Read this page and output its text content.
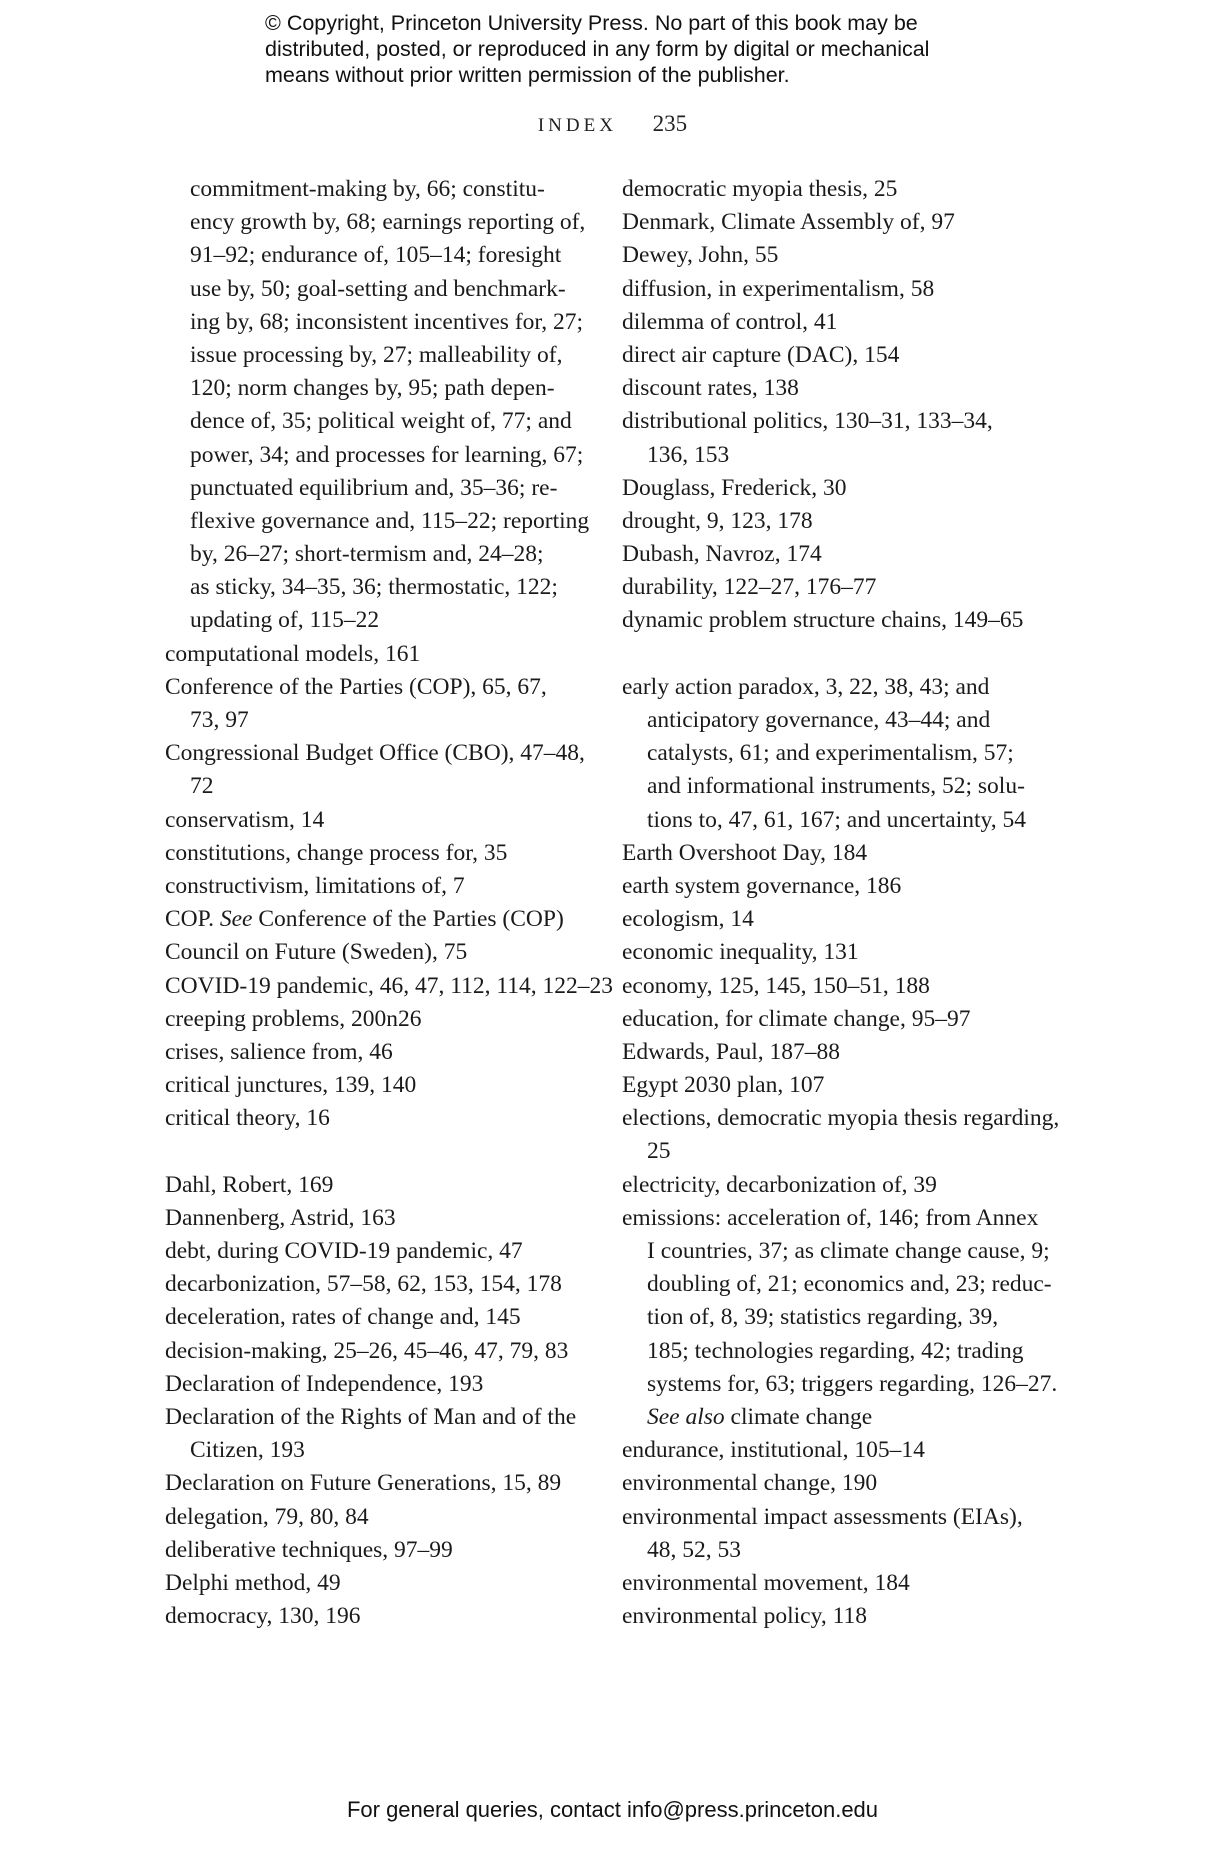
© Copyright, Princeton University Press. No part of this book may be
distributed, posted, or reproduced in any form by digital or mechanical
means without prior written permission of the publisher.
INDEX 235
commitment-making by, 66; constitu-
ency growth by, 68; earnings reporting of,
91–92; endurance of, 105–14; foresight
use by, 50; goal-setting and benchmark-
ing by, 68; inconsistent incentives for, 27;
issue processing by, 27; malleability of,
120; norm changes by, 95; path depen-
dence of, 35; political weight of, 77; and
power, 34; and processes for learning, 67;
punctuated equilibrium and, 35–36; re-
flexive governance and, 115–22; reporting
by, 26–27; short-termism and, 24–28;
as sticky, 34–35, 36; thermostatic, 122;
updating of, 115–22
computational models, 161
Conference of the Parties (COP), 65, 67,
73, 97
Congressional Budget Office (CBO), 47–48,
72
conservatism, 14
constitutions, change process for, 35
constructivism, limitations of, 7
COP. See Conference of the Parties (COP)
Council on Future (Sweden), 75
COVID-19 pandemic, 46, 47, 112, 114, 122–23
creeping problems, 200n26
crises, salience from, 46
critical junctures, 139, 140
critical theory, 16
Dahl, Robert, 169
Dannenberg, Astrid, 163
debt, during COVID-19 pandemic, 47
decarbonization, 57–58, 62, 153, 154, 178
deceleration, rates of change and, 145
decision-making, 25–26, 45–46, 47, 79, 83
Declaration of Independence, 193
Declaration of the Rights of Man and of the
Citizen, 193
Declaration on Future Generations, 15, 89
delegation, 79, 80, 84
deliberative techniques, 97–99
Delphi method, 49
democracy, 130, 196
democratic myopia thesis, 25
Denmark, Climate Assembly of, 97
Dewey, John, 55
diffusion, in experimentalism, 58
dilemma of control, 41
direct air capture (DAC), 154
discount rates, 138
distributional politics, 130–31, 133–34,
136, 153
Douglass, Frederick, 30
drought, 9, 123, 178
Dubash, Navroz, 174
durability, 122–27, 176–77
dynamic problem structure chains, 149–65
early action paradox, 3, 22, 38, 43; and
anticipatory governance, 43–44; and
catalysts, 61; and experimentalism, 57;
and informational instruments, 52; solu-
tions to, 47, 61, 167; and uncertainty, 54
Earth Overshoot Day, 184
earth system governance, 186
ecologism, 14
economic inequality, 131
economy, 125, 145, 150–51, 188
education, for climate change, 95–97
Edwards, Paul, 187–88
Egypt 2030 plan, 107
elections, democratic myopia thesis regarding,
25
electricity, decarbonization of, 39
emissions: acceleration of, 146; from Annex
I countries, 37; as climate change cause, 9;
doubling of, 21; economics and, 23; reduc-
tion of, 8, 39; statistics regarding, 39,
185; technologies regarding, 42; trading
systems for, 63; triggers regarding, 126–27.
See also climate change
endurance, institutional, 105–14
environmental change, 190
environmental impact assessments (EIAs),
48, 52, 53
environmental movement, 184
environmental policy, 118
For general queries, contact info@press.princeton.edu
